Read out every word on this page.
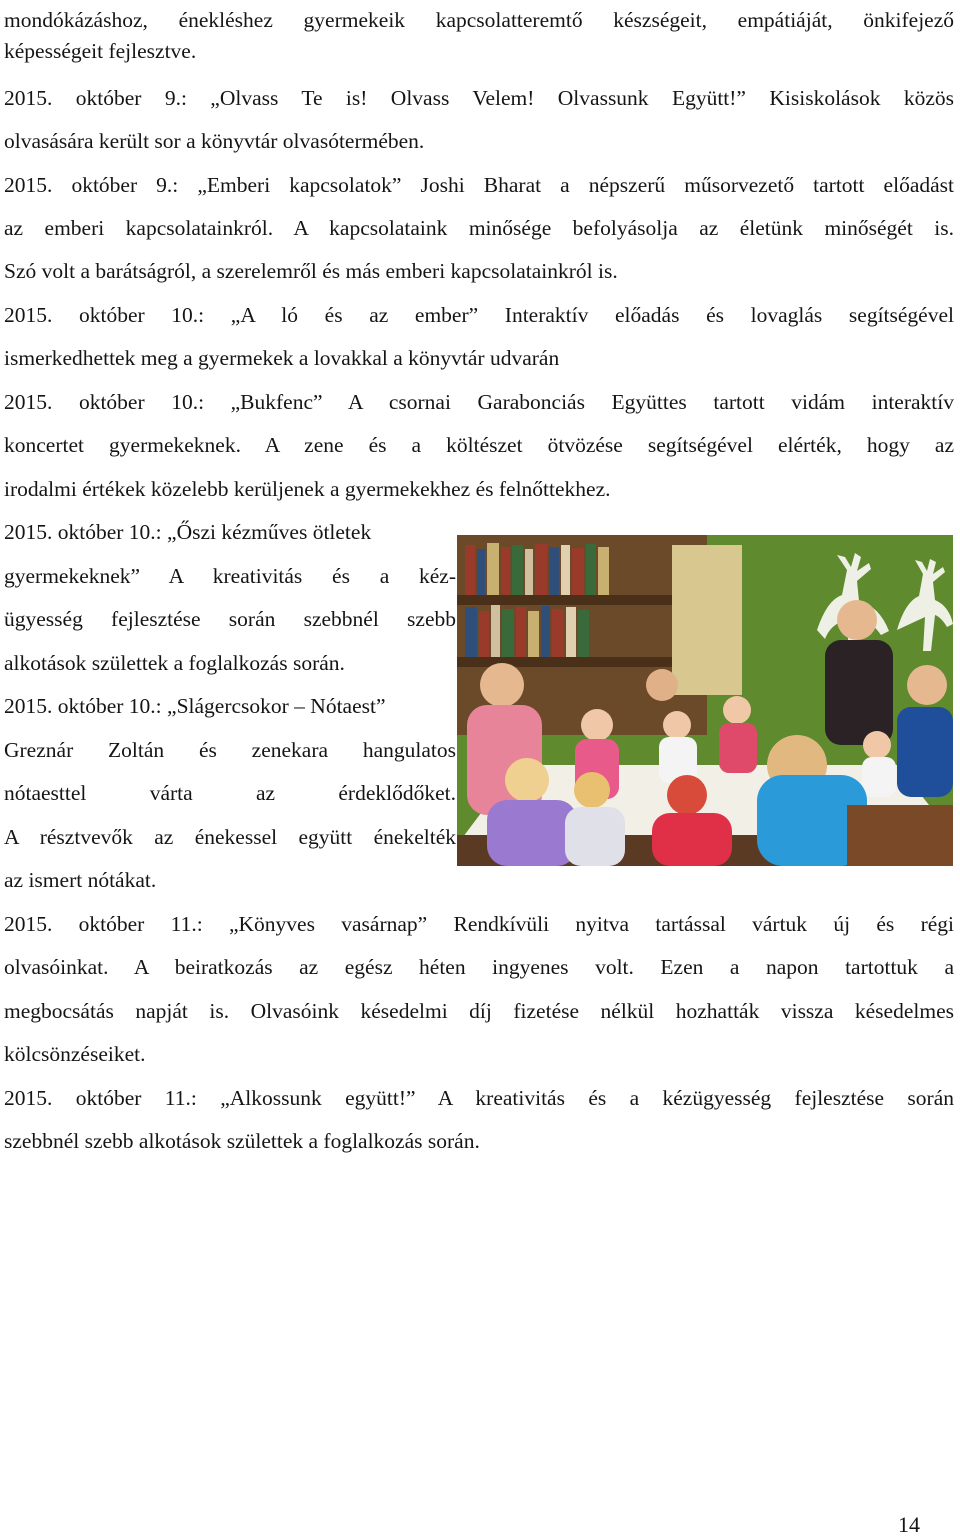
mondókázáshoz, énekléshez gyermekeik kapcsolatteremtő készségeit, empátiáját, önkifejező
képességeit fejlesztve.
2015. október 9.: „Olvass Te is! Olvass Velem! Olvassunk Együtt!” Kisiskolások közös
olvasására került sor a könyvtár olvasótermében.
2015. október 9.: „Emberi kapcsolatok” Joshi Bharat a népszerű műsorvezető tartott előadást
az emberi kapcsolatainkról. A kapcsolataink minősége befolyásolja az életünk minőségét is.
Szó volt a barátságról, a szerelemről és más emberi kapcsolatainkról is.
2015. október 10.: „A ló és az ember” Interaktív előadás és lovaglás segítségével
ismerkedhettek meg a gyermekek a lovakkal a könyvtár udvarán
2015. október 10.: „Bukfenc” A csornai Garabonciás Együttes tartott vidám interaktív
koncertet gyermekeknek. A zene és a költészet ötvözése segítségével elérték, hogy az
irodalmi értékek közelebb kerüljenek a gyermekekhez és felnőttekhez.
2015. október 10.: „Őszi kézműves ötletek
gyermekeknek” A kreativitás és a kéz-
ügyesség fejlesztése során szebbnél szebb
alkotások születtek a foglalkozás során.
2015. október 10.: „Slágercsokor – Nótaest”
Greznár Zoltán és zenekara hangulatos
nótaesttel várta az érdeklődőket.
A résztvevők az énekessel együtt énekelték
az ismert nótákat.
2015. október 11.: „Könyves vasárnap” Rendkívüli nyitva tartással vártuk új és régi
olvasóinkat. A beiratkozás az egész héten ingyenes volt. Ezen a napon tartottuk a
megbocsátás napját is. Olvasóink késedelmi díj fizetése nélkül hozhatták vissza késedelmes
kölcsönzéseiket.
2015. október 11.: „Alkossunk együtt!” A kreativitás és a kézügyesség fejlesztése során
szebbnél szebb alkotások születtek a foglalkozás során.
14
